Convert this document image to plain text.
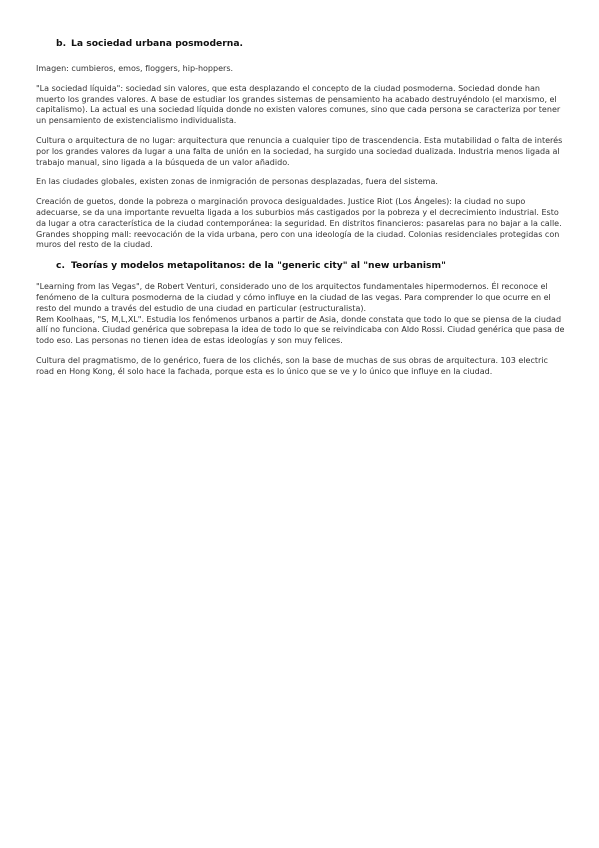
b. La sociedad urbana posmoderna.

Imagen: cumbieros, emos, floggers, hip-hoppers.

"La sociedad líquida": sociedad sin valores, que esta desplazando el concepto de la ciudad posmoderna. Sociedad donde han muerto los grandes valores. A base de estudiar los grandes sistemas de pensamiento ha acabado destruyéndolo (el marxismo, el capitalismo). La actual es una sociedad líquida donde no existen valores comunes, sino que cada persona se caracteriza por tener un pensamiento de existencialismo individualista.

Cultura o arquitectura de no lugar: arquitectura que renuncia a cualquier tipo de trascendencia. Esta mutabilidad o falta de interés por los grandes valores da lugar a una falta de unión en la sociedad, ha surgido una sociedad dualizada. Industria menos ligada al trabajo manual, sino ligada a la búsqueda de un valor añadido.

En las ciudades globales, existen zonas de inmigración de personas desplazadas, fuera del sistema.

Creación de guetos, donde la pobreza o marginación provoca desigualdades. Justice Riot (Los Ángeles): la ciudad no supo adecuarse, se da una importante revuelta ligada a los suburbios más castigados por la pobreza y el decrecimiento industrial. Esto da lugar a otra característica de la ciudad contemporánea: la seguridad. En distritos financieros: pasarelas para no bajar a la calle. Grandes shopping mall: reevocación de la vida urbana, pero con una ideología de la ciudad. Colonias residenciales protegidas con muros del resto de la ciudad.

c. Teorías y modelos metapolitanos: de la "generic city" al "new urbanism"

"Learning from las Vegas", de Robert Venturi, considerado uno de los arquitectos fundamentales hipermodernos. Él reconoce el fenómeno de la cultura posmoderna de la ciudad y cómo influye en la ciudad de las vegas. Para comprender lo que ocurre en el resto del mundo a través del estudio de una ciudad en particular (estructuralista).

Rem Koolhaas, "S, M,L,XL". Estudia los fenómenos urbanos a partir de Asia, donde constata que todo lo que se piensa de la ciudad allí no funciona. Ciudad genérica que sobrepasa la idea de todo lo que se reivindicaba con Aldo Rossi. Ciudad genérica que pasa de todo eso. Las personas no tienen idea de estas ideologías y son muy felices.

Cultura del pragmatismo, de lo genérico, fuera de los clichés, son la base de muchas de sus obras de arquitectura. 103 electric road en Hong Kong, él solo hace la fachada, porque esta es lo único que se ve y lo único que influye en la ciudad.
